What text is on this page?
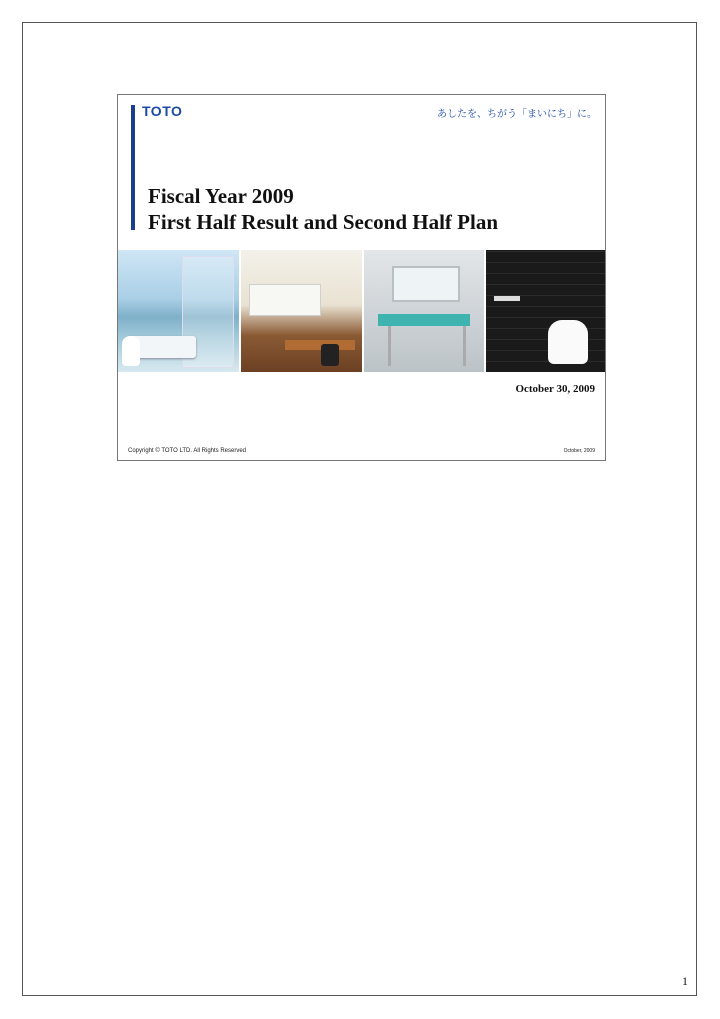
TOTO	あしたを、ちがう「まいにち」に。
Fiscal Year 2009
First Half Result and Second Half Plan
October 30, 2009
Copyright © TOTO LTD. All Rights Reserved	October, 2009
1
